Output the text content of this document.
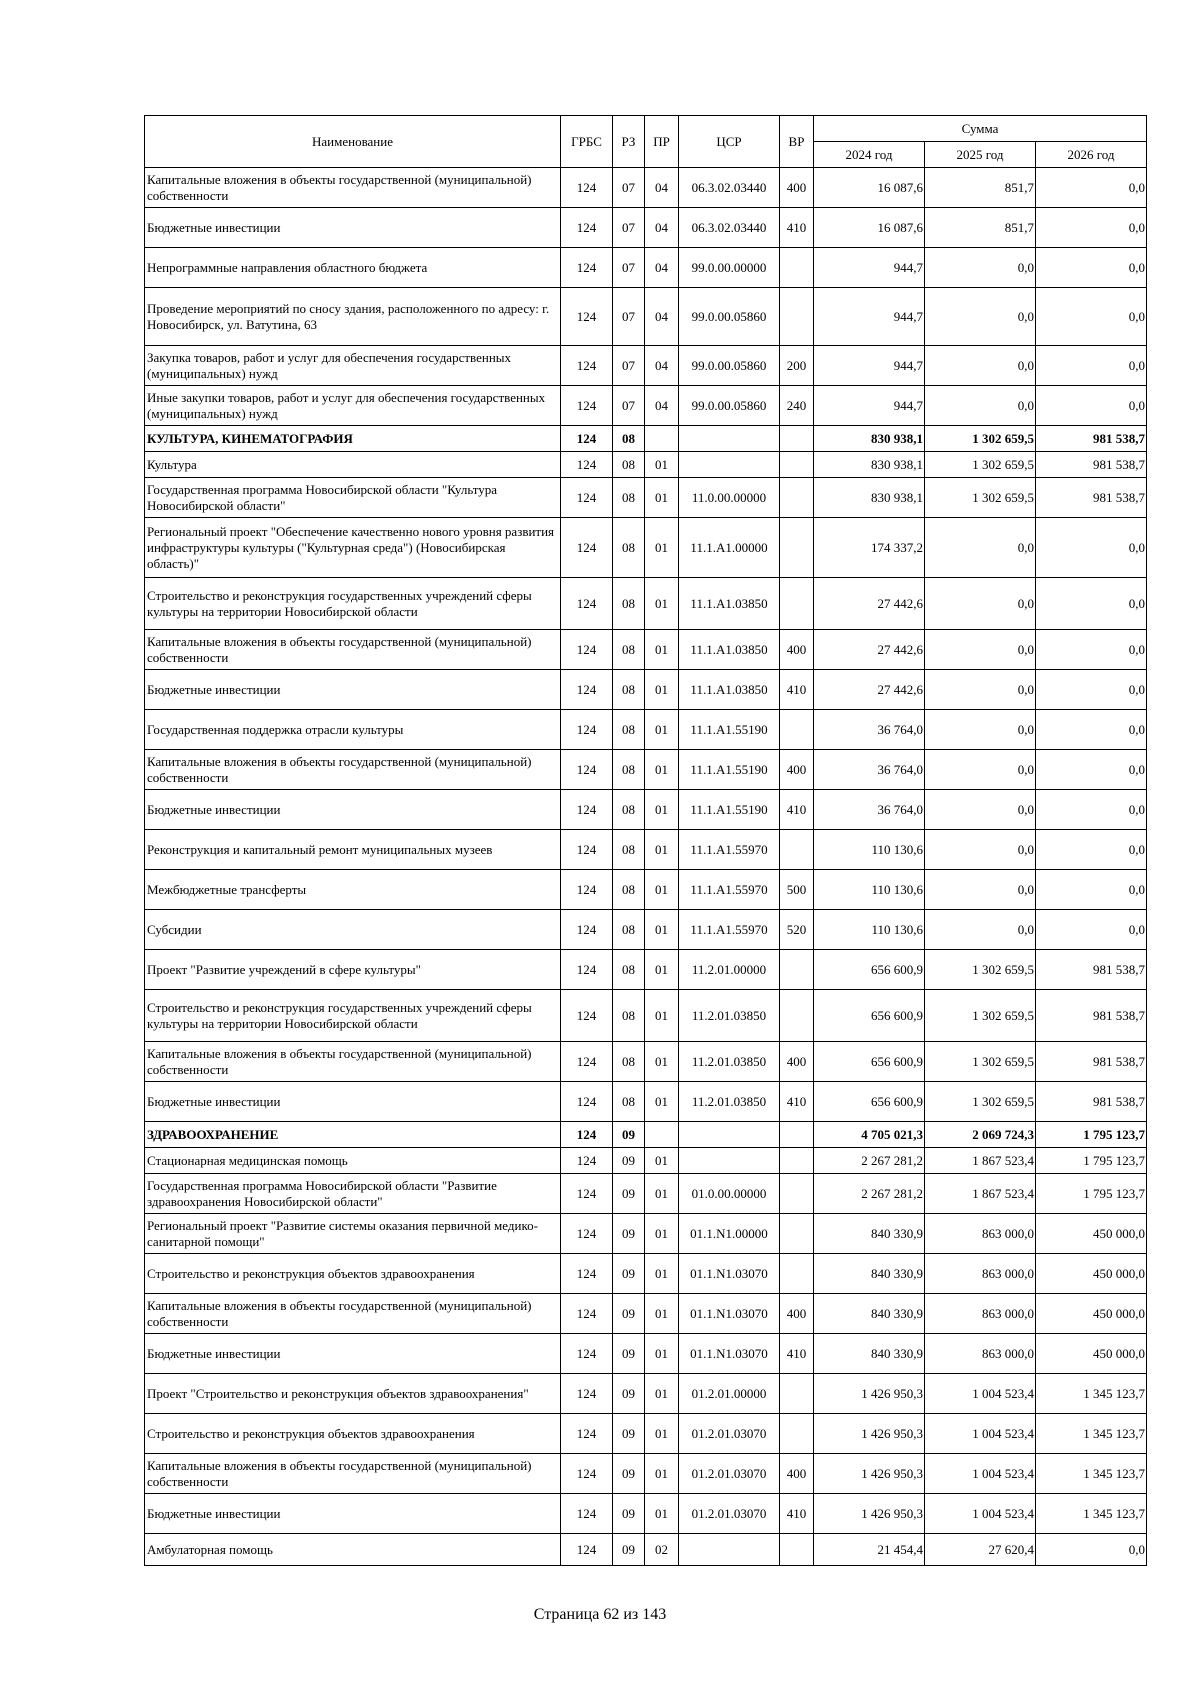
Наименование	ГРБС	РЗ	ПР	ЦСР	ВР	Сумма		
						2024 год	2025 год	2026 год
Капитальные вложения в объекты государственной (муниципальной) собственности	124	07	04	06.3.02.03440	400	16 087,6	851,7	0,0
Бюджетные инвестиции	124	07	04	06.3.02.03440	410	16 087,6	851,7	0,0
Непрограммные направления областного бюджета	124	07	04	99.0.00.00000		944,7	0,0	0,0
Проведение мероприятий по сносу здания, расположенного по адресу: г. Новосибирск, ул. Ватутина, 63	124	07	04	99.0.00.05860		944,7	0,0	0,0
Закупка товаров, работ и услуг для обеспечения государственных (муниципальных) нужд	124	07	04	99.0.00.05860	200	944,7	0,0	0,0
Иные закупки товаров, работ и услуг для обеспечения государственных (муниципальных) нужд	124	07	04	99.0.00.05860	240	944,7	0,0	0,0
КУЛЬТУРА, КИНЕМАТОГРАФИЯ	124	08				830 938,1	1 302 659,5	981 538,7
Культура	124	08	01			830 938,1	1 302 659,5	981 538,7
Государственная программа Новосибирской области "Культура Новосибирской области"	124	08	01	11.0.00.00000		830 938,1	1 302 659,5	981 538,7
Региональный проект "Обеспечение качественно нового уровня развития инфраструктуры культуры ("Культурная среда") (Новосибирская область)"	124	08	01	11.1.A1.00000		174 337,2	0,0	0,0
Строительство и реконструкция государственных учреждений сферы культуры на территории Новосибирской области	124	08	01	11.1.A1.03850		27 442,6	0,0	0,0
Капитальные вложения в объекты государственной (муниципальной) собственности	124	08	01	11.1.A1.03850	400	27 442,6	0,0	0,0
Бюджетные инвестиции	124	08	01	11.1.A1.03850	410	27 442,6	0,0	0,0
Государственная поддержка отрасли культуры	124	08	01	11.1.A1.55190		36 764,0	0,0	0,0
Капитальные вложения в объекты государственной (муниципальной) собственности	124	08	01	11.1.A1.55190	400	36 764,0	0,0	0,0
Бюджетные инвестиции	124	08	01	11.1.A1.55190	410	36 764,0	0,0	0,0
Реконструкция и капитальный ремонт муниципальных музеев	124	08	01	11.1.A1.55970		110 130,6	0,0	0,0
Межбюджетные трансферты	124	08	01	11.1.A1.55970	500	110 130,6	0,0	0,0
Субсидии	124	08	01	11.1.A1.55970	520	110 130,6	0,0	0,0
Проект "Развитие учреждений в сфере культуры"	124	08	01	11.2.01.00000		656 600,9	1 302 659,5	981 538,7
Строительство и реконструкция государственных учреждений сферы культуры на территории Новосибирской области	124	08	01	11.2.01.03850		656 600,9	1 302 659,5	981 538,7
Капитальные вложения в объекты государственной (муниципальной) собственности	124	08	01	11.2.01.03850	400	656 600,9	1 302 659,5	981 538,7
Бюджетные инвестиции	124	08	01	11.2.01.03850	410	656 600,9	1 302 659,5	981 538,7
ЗДРАВООХРАНЕНИЕ	124	09				4 705 021,3	2 069 724,3	1 795 123,7
Стационарная медицинская помощь	124	09	01			2 267 281,2	1 867 523,4	1 795 123,7
Государственная программа Новосибирской области "Развитие здравоохранения Новосибирской области"	124	09	01	01.0.00.00000		2 267 281,2	1 867 523,4	1 795 123,7
Региональный проект "Развитие системы оказания первичной медико-санитарной помощи"	124	09	01	01.1.N1.00000		840 330,9	863 000,0	450 000,0
Строительство и реконструкция объектов здравоохранения	124	09	01	01.1.N1.03070		840 330,9	863 000,0	450 000,0
Капитальные вложения в объекты государственной (муниципальной) собственности	124	09	01	01.1.N1.03070	400	840 330,9	863 000,0	450 000,0
Бюджетные инвестиции	124	09	01	01.1.N1.03070	410	840 330,9	863 000,0	450 000,0
Проект "Строительство и реконструкция объектов здравоохранения"	124	09	01	01.2.01.00000		1 426 950,3	1 004 523,4	1 345 123,7
Строительство и реконструкция объектов здравоохранения	124	09	01	01.2.01.03070		1 426 950,3	1 004 523,4	1 345 123,7
Капитальные вложения в объекты государственной (муниципальной) собственности	124	09	01	01.2.01.03070	400	1 426 950,3	1 004 523,4	1 345 123,7
Бюджетные инвестиции	124	09	01	01.2.01.03070	410	1 426 950,3	1 004 523,4	1 345 123,7
Амбулаторная помощь	124	09	02			21 454,4	27 620,4	0,0
Страница 62 из 143
